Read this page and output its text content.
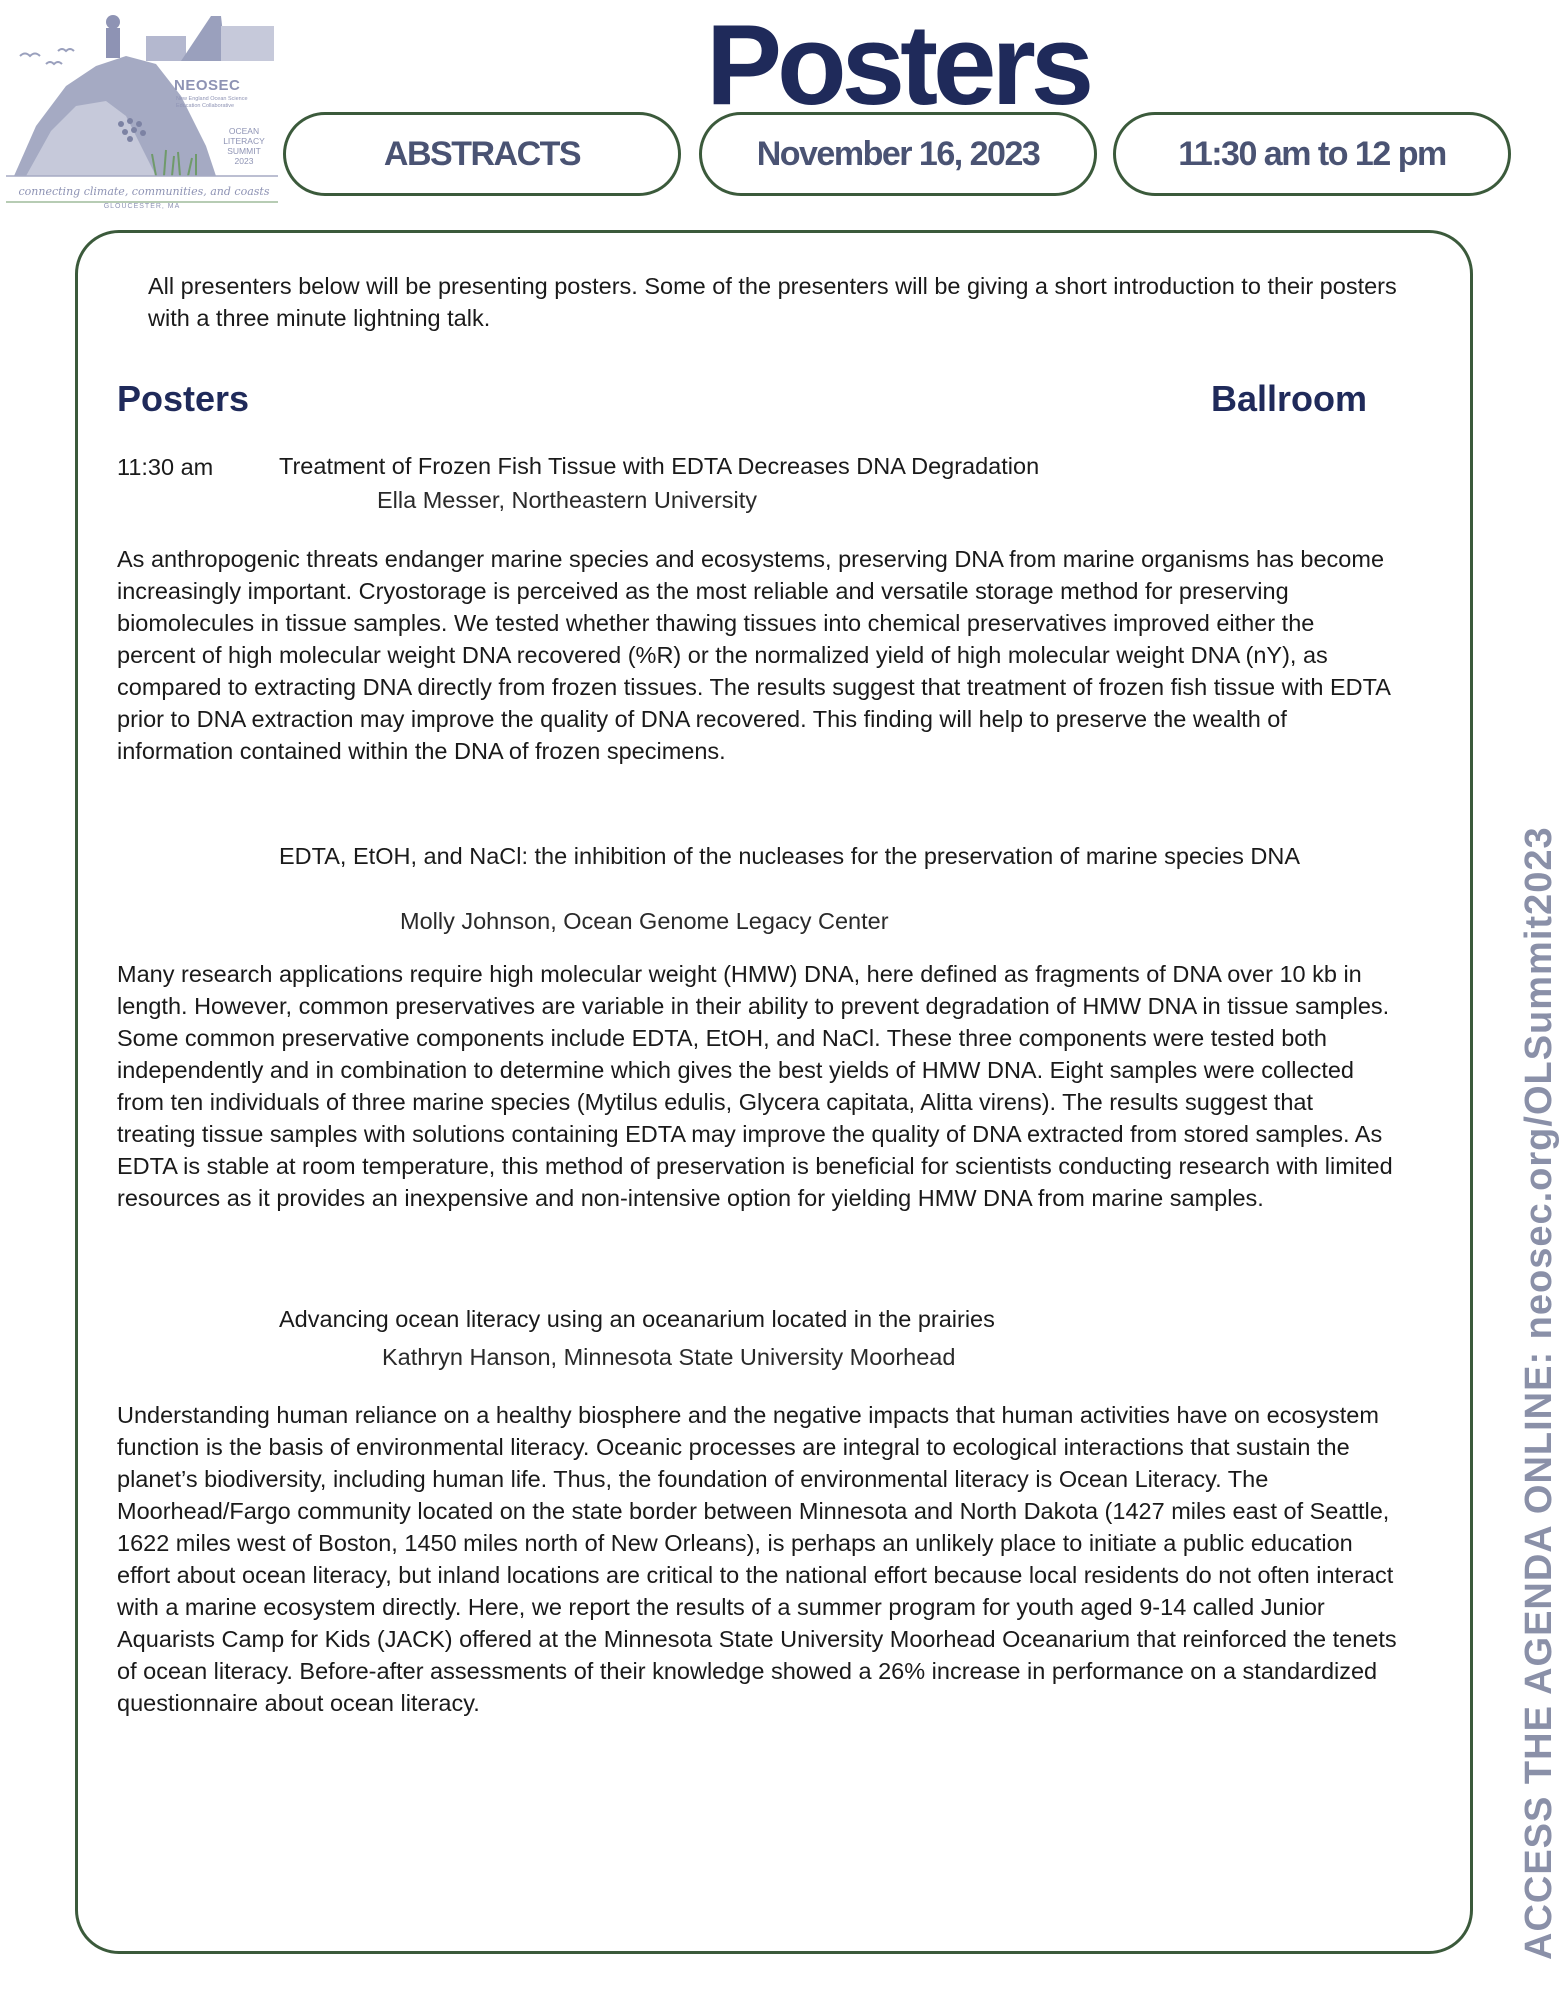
NEOSEC
New England Ocean Science Education Collaborative
OCEAN
LITERACY
SUMMIT
2023
connecting climate, communities, and coasts
GLOUCESTER, MA
Posters
ABSTRACTS	November 16, 2023	11:30 am to 12 pm
All presenters below will be presenting posters. Some of the presenters will be giving a short introduction to their posters with a three minute lightning talk.
Posters	Ballroom
11:30 am	Treatment of Frozen Fish Tissue with EDTA Decreases DNA Degradation
Ella Messer, Northeastern University
As anthropogenic threats endanger marine species and ecosystems, preserving DNA from marine organisms has become increasingly important. Cryostorage is perceived as the most reliable and versatile storage method for preserving biomolecules in tissue samples. We tested whether thawing tissues into chemical preservatives improved either the percent of high molecular weight DNA recovered (%R) or the normalized yield of high molecular weight DNA (nY), as compared to extracting DNA directly from frozen tissues. The results suggest that treatment of frozen fish tissue with EDTA prior to DNA extraction may improve the quality of DNA recovered. This finding will help to preserve the wealth of information contained within the DNA of frozen specimens.
EDTA, EtOH, and NaCl: the inhibition of the nucleases for the preservation of marine species DNA
Molly Johnson, Ocean Genome Legacy Center
Many research applications require high molecular weight (HMW) DNA, here defined as fragments of DNA over 10 kb in length. However, common preservatives are variable in their ability to prevent degradation of HMW DNA in tissue samples. Some common preservative components include EDTA, EtOH, and NaCl. These three components were tested both independently and in combination to determine which gives the best yields of HMW DNA. Eight samples were collected from ten individuals of three marine species (Mytilus edulis, Glycera capitata, Alitta virens). The results suggest that treating tissue samples with solutions containing EDTA may improve the quality of DNA extracted from stored samples. As EDTA is stable at room temperature, this method of preservation is beneficial for scientists conducting research with limited resources as it provides an inexpensive and non-intensive option for yielding HMW DNA from marine samples.
Advancing ocean literacy using an oceanarium located in the prairies
Kathryn Hanson, Minnesota State University Moorhead
Understanding human reliance on a healthy biosphere and the negative impacts that human activities have on ecosystem function is the basis of environmental literacy. Oceanic processes are integral to ecological interactions that sustain the planet’s biodiversity, including human life. Thus, the foundation of environmental literacy is Ocean Literacy. The Moorhead/Fargo community located on the state border between Minnesota and North Dakota (1427 miles east of Seattle, 1622 miles west of Boston, 1450 miles north of New Orleans), is perhaps an unlikely place to initiate a public education effort about ocean literacy, but inland locations are critical to the national effort because local residents do not often interact with a marine ecosystem directly. Here, we report the results of a summer program for youth aged 9-14 called Junior Aquarists Camp for Kids (JACK) offered at the Minnesota State University Moorhead Oceanarium that reinforced the tenets of ocean literacy. Before-after assessments of their knowledge showed a 26% increase in performance on a standardized questionnaire about ocean literacy.	ACCESS THE AGENDA ONLINE: neosec.org/OLSummit2023
